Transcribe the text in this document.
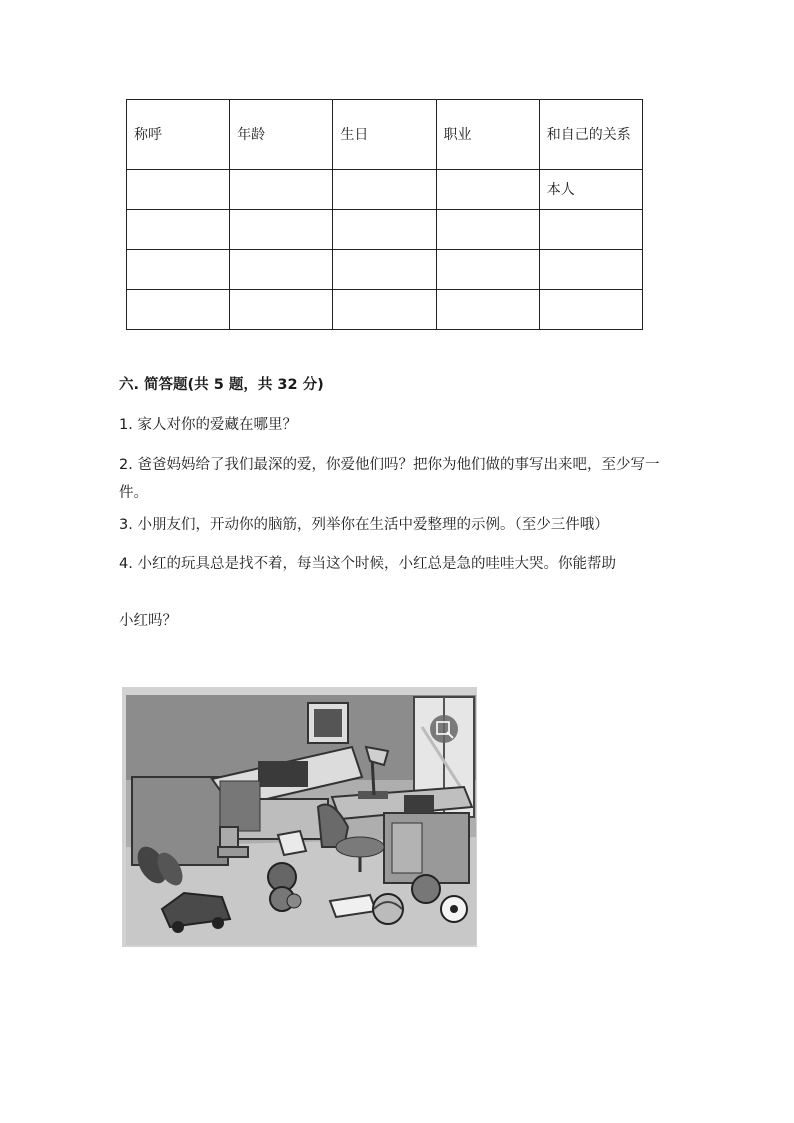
称呼	年龄	生日	职业	和自己的关系
				本人

六. 简答题(共 5 题，共 32 分)

1. 家人对你的爱藏在哪里？

2. 爸爸妈妈给了我们最深的爱，你爱他们吗？把你为他们做的事写出来吧，至少写一件。

3. 小朋友们，开动你的脑筋，列举你在生活中爱整理的示例。（至少三件哦）

4. 小红的玩具总是找不着，每当这个时候，小红总是急的哇哇大哭。你能帮助

小红吗？
